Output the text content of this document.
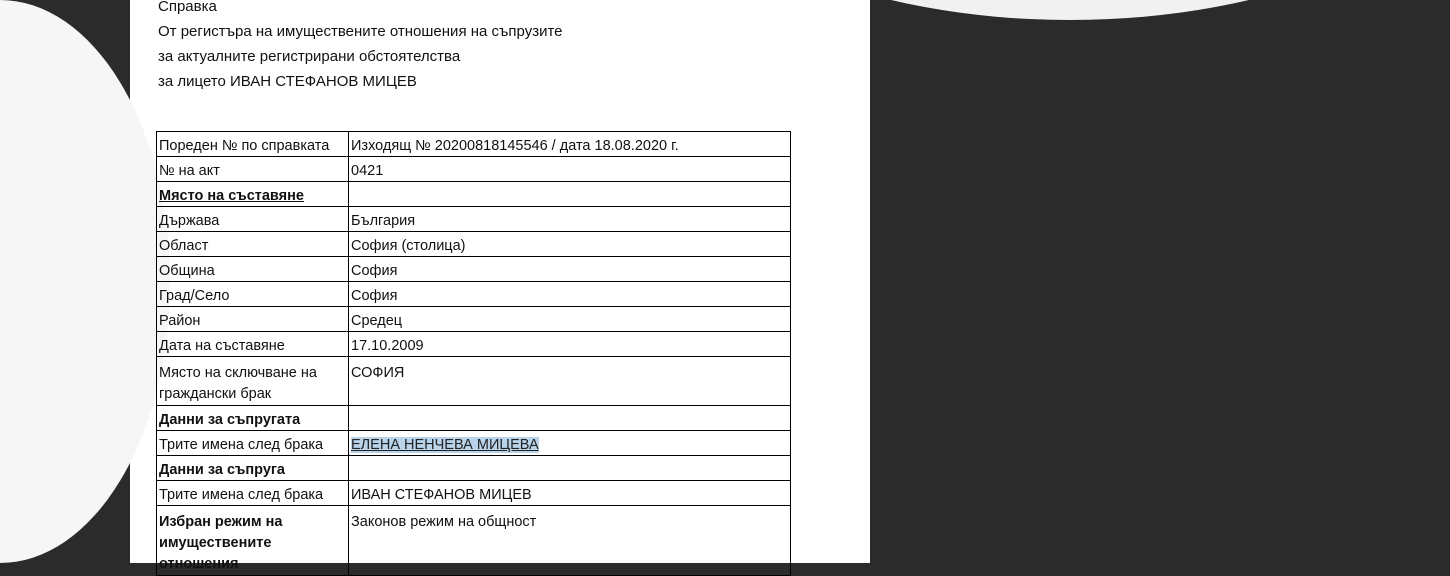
Справка
От регистъра на имуществените отношения на съпрузите
за актуалните регистрирани обстоятелства
за лицето ИВАН СТЕФАНОВ МИЦЕВ
Пореден № по справката	Изходящ № 20200818145546 / дата 18.08.2020 г.
№ на акт	0421
Място на съставяне	
Държава	България
Област	София (столица)
Община	София
Град/Село	София
Район	Средец
Дата на съставяне	17.10.2009
Място на сключване на граждански брак	СОФИЯ
Данни за съпругата	
Трите имена след брака	ЕЛЕНА НЕНЧЕВА МИЦЕВА
Данни за съпруга	
Трите имена след брака	ИВАН СТЕФАНОВ МИЦЕВ
Избран режим на имуществените отношения	Законов режим на общност
